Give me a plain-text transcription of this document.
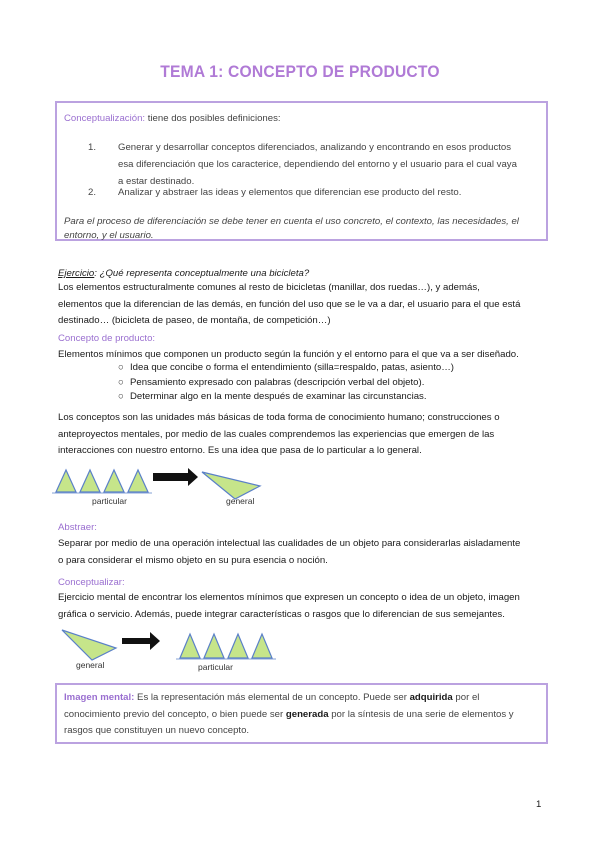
TEMA 1: CONCEPTO DE PRODUCTO
Conceptualización: tiene dos posibles definiciones:
1. Generar y desarrollar conceptos diferenciados, analizando y encontrando en esos productos
esa diferenciación que los caracterice, dependiendo del entorno y el usuario para el cual vaya
a estar destinado.
2. Analizar y abstraer las ideas y elementos que diferencian ese producto del resto.
Para el proceso de diferenciación se debe tener en cuenta el uso concreto, el contexto, las necesidades, el
entorno, y el usuario.
Ejercicio: ¿Qué representa conceptualmente una bicicleta?
Los elementos estructuralmente comunes al resto de bicicletas (manillar, dos ruedas…), y además,
elementos que la diferencian de las demás, en función del uso que se le va a dar, el usuario para el que está
destinado… (bicicleta de paseo, de montaña, de competición…)
Concepto de producto:
Elementos mínimos que componen un producto según la función y el entorno para el que va a ser diseñado.
○ Idea que concibe o forma el entendimiento (silla=respaldo, patas, asiento…)
○ Pensamiento expresado con palabras (descripción verbal del objeto).
○ Determinar algo en la mente después de examinar las circunstancias.
Los conceptos son las unidades más básicas de toda forma de conocimiento humano; construcciones o
anteproyectos mentales, por medio de las cuales comprendemos las experiencias que emergen de las
interacciones con nuestro entorno. Es una idea que pasa de lo particular a lo general.
particular	general
Abstraer:
Separar por medio de una operación intelectual las cualidades de un objeto para considerarlas aisladamente
o para considerar el mismo objeto en su pura esencia o noción.
Conceptualizar:
Ejercicio mental de encontrar los elementos mínimos que expresen un concepto o idea de un objeto, imagen
gráfica o servicio. Además, puede integrar características o rasgos que lo diferencian de sus semejantes.
general	particular
Imagen mental: Es la representación más elemental de un concepto. Puede ser adquirida por el
conocimiento previo del concepto, o bien puede ser generada por la síntesis de una serie de elementos y
rasgos que constituyen un nuevo concepto.
1
